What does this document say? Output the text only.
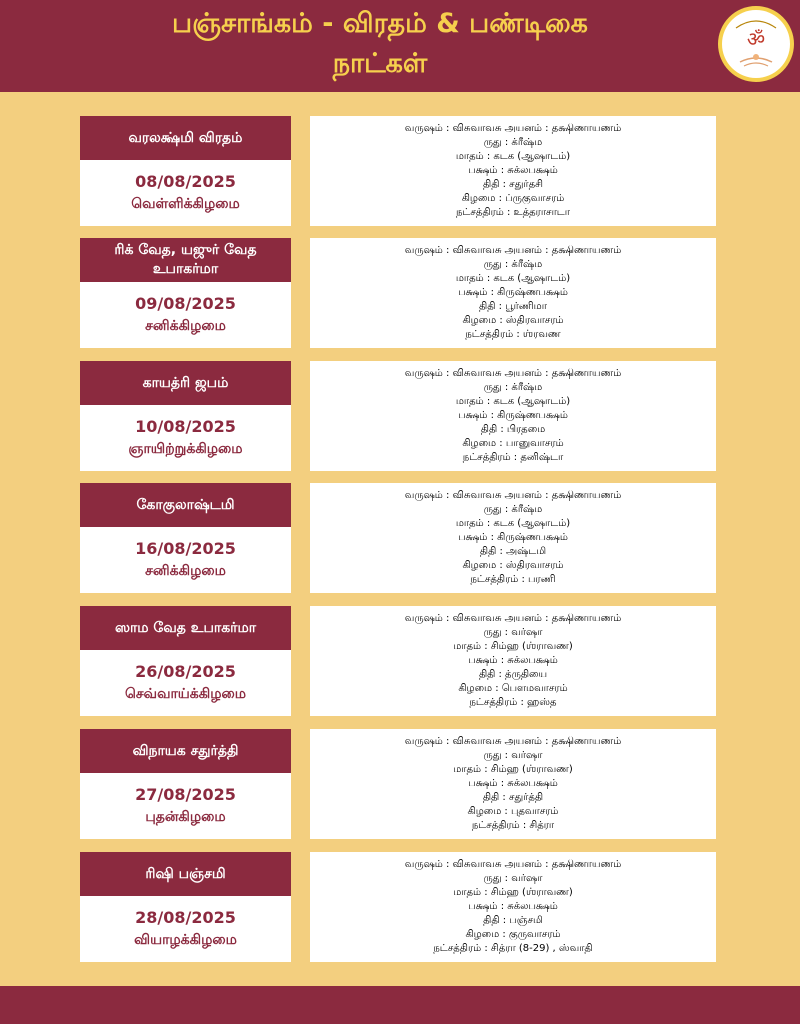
பஞ்சாங்கம் - விரதம் & பண்டிகை
நாட்கள்
ॐ
வரலக்ஷ்மி விரதம்
08/08/2025
வெள்ளிக்கிழமை
வருஷம் : விசுவாவசு அயனம் : தக்ஷிணாயணம்
ருது : க்ரீஷ்ம
மாதம் : கடக (ஆஷாடம்)
பக்ஷம் : சுக்லபக்ஷம்
திதி : சதுர்தசி
கிழமை : ப்ருகுவாசரம்
நட்சத்திரம் : உத்தராசாடா
ரிக் வேத, யஜுர் வேத உபாகர்மா
09/08/2025
சனிக்கிழமை
வருஷம் : விசுவாவசு அயனம் : தக்ஷிணாயணம்
ருது : க்ரீஷ்ம
மாதம் : கடக (ஆஷாடம்)
பக்ஷம் : கிருஷ்ணபக்ஷம்
திதி : பூர்ணிமா
கிழமை : ஸ்திரவாசரம்
நட்சத்திரம் : ஶ்ரவண
காயத்ரி ஜபம்
10/08/2025
ஞாயிற்றுக்கிழமை
வருஷம் : விசுவாவசு அயனம் : தக்ஷிணாயணம்
ருது : க்ரீஷ்ம
மாதம் : கடக (ஆஷாடம்)
பக்ஷம் : கிருஷ்ணபக்ஷம்
திதி : பிரதமை
கிழமை : பானுவாசரம்
நட்சத்திரம் : தனிஷ்டா
கோகுலாஷ்டமி
16/08/2025
சனிக்கிழமை
வருஷம் : விசுவாவசு அயனம் : தக்ஷிணாயணம்
ருது : க்ரீஷ்ம
மாதம் : கடக (ஆஷாடம்)
பக்ஷம் : கிருஷ்ணபக்ஷம்
திதி : அஷ்டமி
கிழமை : ஸ்திரவாசரம்
நட்சத்திரம் : பரணி
ஸாம வேத உபாகர்மா
26/08/2025
செவ்வாய்க்கிழமை
வருஷம் : விசுவாவசு அயனம் : தக்ஷிணாயணம்
ருது : வர்ஷா
மாதம் : சிம்ஹ (ஶ்ராவண)
பக்ஷம் : சுக்லபக்ஷம்
திதி : த்ருதியை
கிழமை : பௌமவாசரம்
நட்சத்திரம் : ஹஸ்த
விநாயக சதுர்த்தி
27/08/2025
புதன்கிழமை
வருஷம் : விசுவாவசு அயனம் : தக்ஷிணாயணம்
ருது : வர்ஷா
மாதம் : சிம்ஹ (ஶ்ராவண)
பக்ஷம் : சுக்லபக்ஷம்
திதி : சதுர்த்தி
கிழமை : புதவாசரம்
நட்சத்திரம் : சித்ரா
ரிஷி பஞ்சமி
28/08/2025
வியாழக்கிழமை
வருஷம் : விசுவாவசு அயனம் : தக்ஷிணாயணம்
ருது : வர்ஷா
மாதம் : சிம்ஹ (ஶ்ராவண)
பக்ஷம் : சுக்லபக்ஷம்
திதி : பஞ்சமி
கிழமை : குருவாசரம்
நட்சத்திரம் : சித்ரா (8-29) , ஸ்வாதி
